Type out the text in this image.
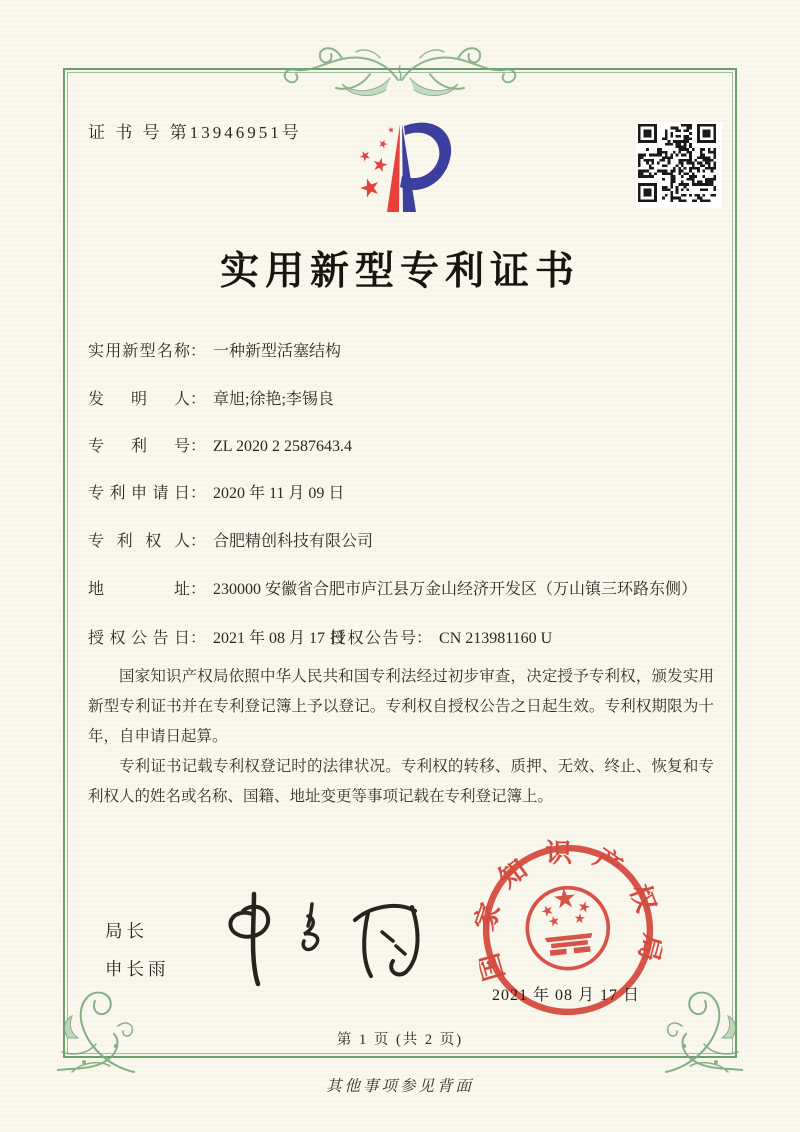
证 书 号 第13946951号
实用新型专利证书
实用新型名称： 一种新型活塞结构
发明人： 章旭;徐艳;李锡良
专利号： ZL 2020 2 2587643.4
专利申请日： 2020 年 11 月 09 日
专利权人： 合肥精创科技有限公司
地址： 230000 安徽省合肥市庐江县万金山经济开发区（万山镇三环路东侧）
授权公告日： 2021 年 08 月 17 日
授权公告号： CN 213981160 U

国家知识产权局依照中华人民共和国专利法经过初步审查，决定授予专利权，颁发实用新型专利证书并在专利登记簿上予以登记。专利权自授权公告之日起生效。专利权期限为十年，自申请日起算。

专利证书记载专利权登记时的法律状况。专利权的转移、质押、无效、终止、恢复和专利权人的姓名或名称、国籍、地址变更等事项记载在专利登记簿上。

局长
申长雨	国家知识产权局
2021 年 08 月 17 日
第 1 页 (共 2 页)
其他事项参见背面
